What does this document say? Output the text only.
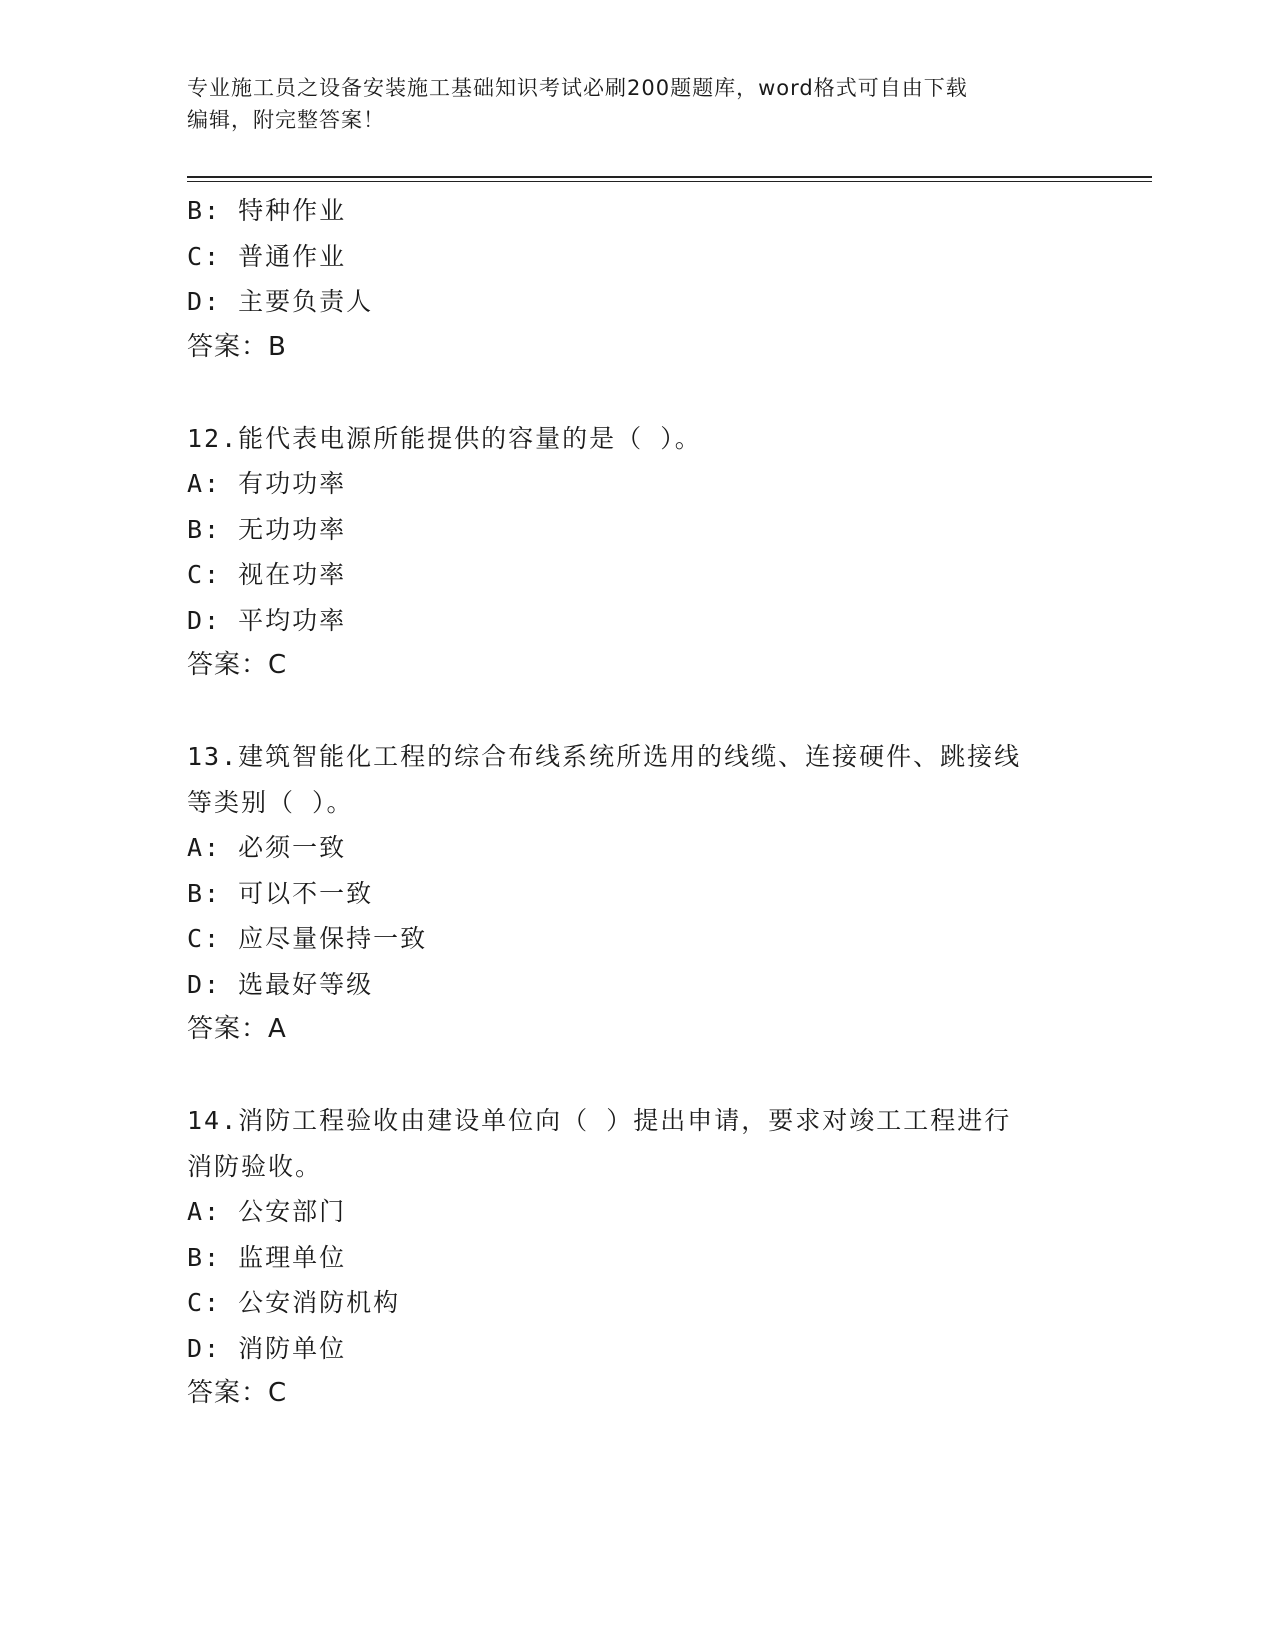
专业施工员之设备安装施工基础知识考试必刷200题题库，word格式可自由下载
编辑，附完整答案！
B: 特种作业
C: 普通作业
D: 主要负责人
答案：B
12.能代表电源所能提供的容量的是（ ）。
A: 有功功率
B: 无功功率
C: 视在功率
D: 平均功率
答案：C
13.建筑智能化工程的综合布线系统所选用的线缆、连接硬件、跳接线
等类别（ ）。
A: 必须一致
B: 可以不一致
C: 应尽量保持一致
D: 选最好等级
答案：A
14.消防工程验收由建设单位向（ ）提出申请，要求对竣工工程进行
消防验收。
A: 公安部门
B: 监理单位
C: 公安消防机构
D: 消防单位
答案：C
